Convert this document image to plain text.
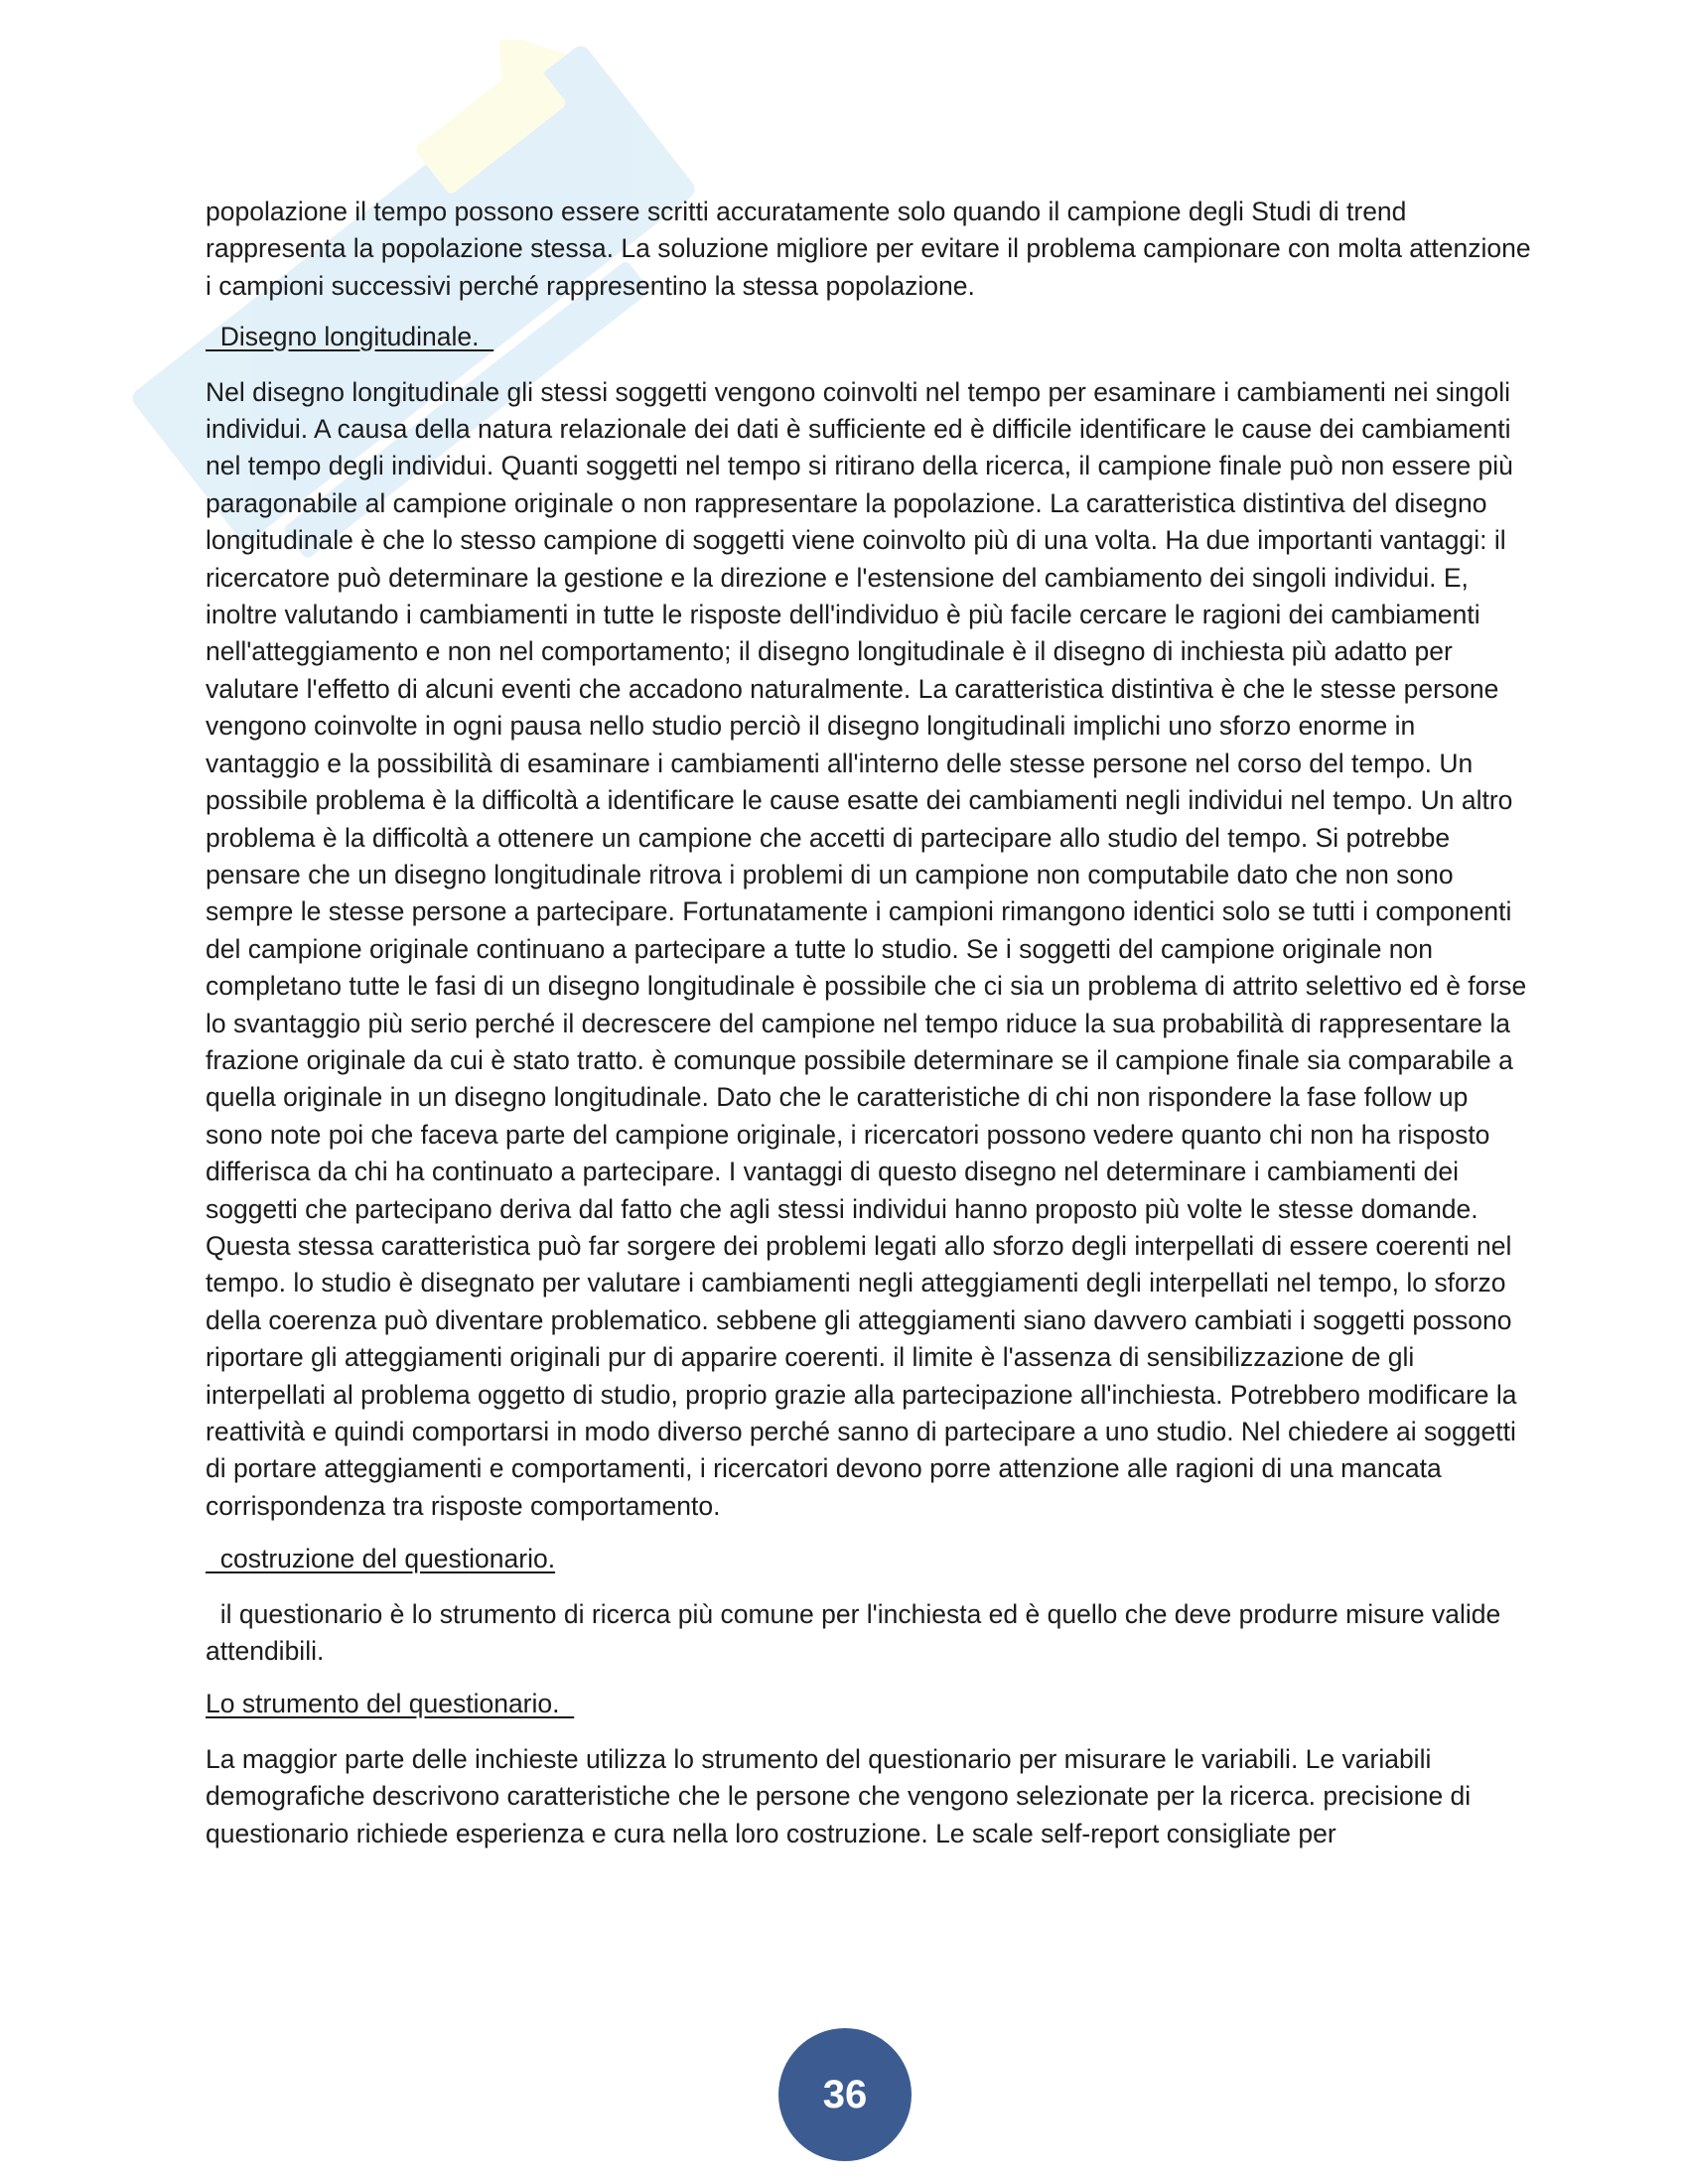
popolazione il tempo possono essere scritti accuratamente solo quando il campione degli Studi di trend rappresenta la popolazione stessa. La soluzione migliore per evitare il problema campionare con molta attenzione i campioni successivi perché rappresentino la stessa popolazione.

Disegno longitudinale.

Nel disegno longitudinale gli stessi soggetti vengono coinvolti nel tempo per esaminare i cambiamenti nei singoli individui. A causa della natura relazionale dei dati è sufficiente ed è difficile identificare le cause dei cambiamenti nel tempo degli individui. Quanti soggetti nel tempo si ritirano della ricerca, il campione finale può non essere più paragonabile al campione originale o non rappresentare la popolazione. La caratteristica distintiva del disegno longitudinale è che lo stesso campione di soggetti viene coinvolto più di una volta. Ha due importanti vantaggi: il ricercatore può determinare la gestione e la direzione e l'estensione del cambiamento dei singoli individui. E, inoltre valutando i cambiamenti in tutte le risposte dell'individuo è più facile cercare le ragioni dei cambiamenti nell'atteggiamento e non nel comportamento; il disegno longitudinale è il disegno di inchiesta più adatto per valutare l'effetto di alcuni eventi che accadono naturalmente. La caratteristica distintiva è che le stesse persone vengono coinvolte in ogni pausa nello studio perciò il disegno longitudinali implichi uno sforzo enorme in vantaggio e la possibilità di esaminare i cambiamenti all'interno delle stesse persone nel corso del tempo. Un possibile problema è la difficoltà a identificare le cause esatte dei cambiamenti negli individui nel tempo. Un altro problema è la difficoltà a ottenere un campione che accetti di partecipare allo studio del tempo. Si potrebbe pensare che un disegno longitudinale ritrova i problemi di un campione non computabile dato che non sono sempre le stesse persone a partecipare. Fortunatamente i campioni rimangono identici solo se tutti i componenti del campione originale continuano a partecipare a tutte lo studio. Se i soggetti del campione originale non completano tutte le fasi di un disegno longitudinale è possibile che ci sia un problema di attrito selettivo ed è forse lo svantaggio più serio perché il decrescere del campione nel tempo riduce la sua probabilità di rappresentare la frazione originale da cui è stato tratto. è comunque possibile determinare se il campione finale sia comparabile a quella originale in un disegno longitudinale. Dato che le caratteristiche di chi non rispondere la fase follow up sono note poi che faceva parte del campione originale, i ricercatori possono vedere quanto chi non ha risposto differisca da chi ha continuato a partecipare. I vantaggi di questo disegno nel determinare i cambiamenti dei soggetti che partecipano deriva dal fatto che agli stessi individui hanno proposto più volte le stesse domande. Questa stessa caratteristica può far sorgere dei problemi legati allo sforzo degli interpellati di essere coerenti nel tempo. lo studio è disegnato per valutare i cambiamenti negli atteggiamenti degli interpellati nel tempo, lo sforzo della coerenza può diventare problematico. sebbene gli atteggiamenti siano davvero cambiati i soggetti possono riportare gli atteggiamenti originali pur di apparire coerenti. il limite è l'assenza di sensibilizzazione de gli interpellati al problema oggetto di studio, proprio grazie alla partecipazione all'inchiesta. Potrebbero modificare la reattività e quindi comportarsi in modo diverso perché sanno di partecipare a uno studio. Nel chiedere ai soggetti di portare atteggiamenti e comportamenti, i ricercatori devono porre attenzione alle ragioni di una mancata corrispondenza tra risposte comportamento.

costruzione del questionario.

il questionario è lo strumento di ricerca più comune per l'inchiesta ed è quello che deve produrre misure valide attendibili.

Lo strumento del questionario.

La maggior parte delle inchieste utilizza lo strumento del questionario per misurare le variabili. Le variabili demografiche descrivono caratteristiche che le persone che vengono selezionate per la ricerca. precisione di questionario richiede esperienza e cura nella loro costruzione. Le scale self-report consigliate per

36
